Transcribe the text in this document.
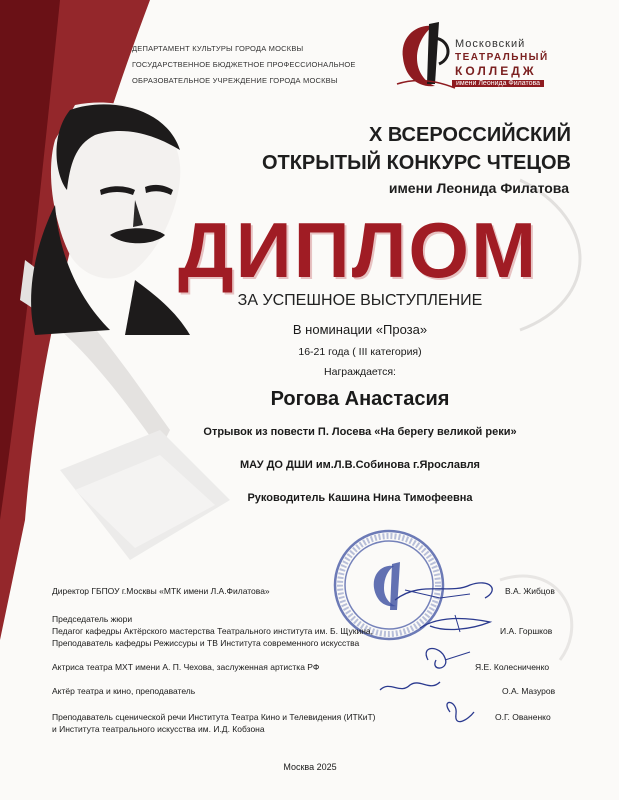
ДЕПАРТАМЕНТ КУЛЬТУРЫ ГОРОДА МОСКВЫ
ГОСУДАРСТВЕННОЕ БЮДЖЕТНОЕ ПРОФЕССИОНАЛЬНОЕ
ОБРАЗОВАТЕЛЬНОЕ УЧРЕЖДЕНИЕ ГОРОДА МОСКВЫ
Московский
ТЕАТРАЛЬНЫЙ
КОЛЛЕДЖ
имени Леонида Филатова
X ВСЕРОССИЙСКИЙ
ОТКРЫТЫЙ КОНКУРС ЧТЕЦОВ
имени Леонида Филатова
ДИПЛОМ
ЗА УСПЕШНОЕ ВЫСТУПЛЕНИЕ
В номинации «Проза»
16-21 года ( III категория)
Награждается:
Рогова Анастасия
Отрывок из повести П. Лосева «На берегу великой реки»
МАУ ДО ДШИ им.Л.В.Собинова г.Ярославля
Руководитель Кашина Нина Тимофеевна
Директор ГБПОУ г.Москвы «МТК имени Л.А.Филатова»	В.А. Жибцов
Председатель жюри
Педагог кафедры Актёрского мастерства Театрального института им. Б. Щукина,
Преподаватель кафедры Режиссуры и ТВ Института современного искусства
И.А. Горшков
Актриса театра МХТ имени А. П. Чехова, заслуженная артистка РФ	Я.Е. Колесниченко
Актёр театра и кино, преподаватель	О.А. Мазуров
Преподаватель сценической речи Института Театра Кино и Телевидения (ИТКиТ)
и Института театрального искусства им. И.Д. Кобзона
О.Г. Ованенко
Москва 2025
